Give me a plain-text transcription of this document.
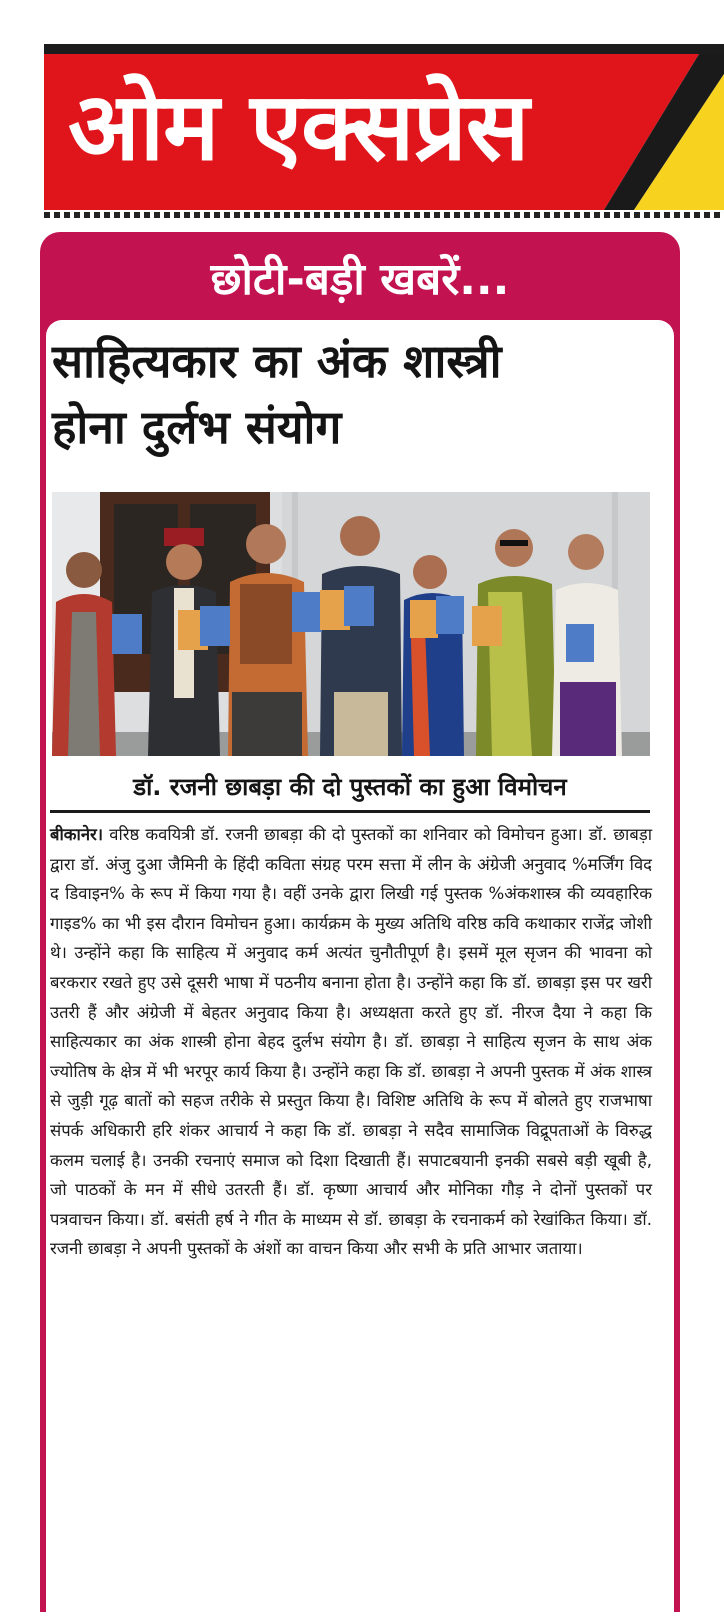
ओम एक्सप्रेस
छोटी-बड़ी खबरें...
साहित्यकार का अंक शास्त्री
होना दुर्लभ संयोग
डॉ. रजनी छाबड़ा की दो पुस्तकों का हुआ विमोचन

बीकानेर। वरिष्ठ कवयित्री डॉ. रजनी छाबड़ा की दो पुस्तकों का शनिवार को विमोचन हुआ। डॉ. छाबड़ा द्वारा डॉ. अंजु दुआ जैमिनी के हिंदी कविता संग्रह परम सत्ता में लीन के अंग्रेजी अनुवाद %मर्जिंग विद द डिवाइन% के रूप में किया गया है। वहीं उनके द्वारा लिखी गई पुस्तक %अंकशास्त्र की व्यवहारिक गाइड% का भी इस दौरान विमोचन हुआ। कार्यक्रम के मुख्य अतिथि वरिष्ठ कवि कथाकार राजेंद्र जोशी थे। उन्होंने कहा कि साहित्य में अनुवाद कर्म अत्यंत चुनौतीपूर्ण है। इसमें मूल सृजन की भावना को बरकरार रखते हुए उसे दूसरी भाषा में पठनीय बनाना होता है। उन्होंने कहा कि डॉ. छाबड़ा इस पर खरी उतरी हैं और अंग्रेजी में बेहतर अनुवाद किया है। अध्यक्षता करते हुए डॉ. नीरज दैया ने कहा कि साहित्यकार का अंक शास्त्री होना बेहद दुर्लभ संयोग है। डॉ. छाबड़ा ने साहित्य सृजन के साथ अंक ज्योतिष के क्षेत्र में भी भरपूर कार्य किया है। उन्होंने कहा कि डॉ. छाबड़ा ने अपनी पुस्तक में अंक शास्त्र से जुड़ी गूढ़ बातों को सहज तरीके से प्रस्तुत किया है। विशिष्ट अतिथि के रूप में बोलते हुए राजभाषा संपर्क अधिकारी हरि शंकर आचार्य ने कहा कि डॉ. छाबड़ा ने सदैव सामाजिक विद्रूपताओं के विरुद्ध कलम चलाई है। उनकी रचनाएं समाज को दिशा दिखाती हैं। सपाटबयानी इनकी सबसे बड़ी खूबी है, जो पाठकों के मन में सीधे उतरती हैं। डॉ. कृष्णा आचार्य और मोनिका गौड़ ने दोनों पुस्तकों पर पत्रवाचन किया। डॉ. बसंती हर्ष ने गीत के माध्यम से डॉ. छाबड़ा के रचनाकर्म को रेखांकित किया। डॉ. रजनी छाबड़ा ने अपनी पुस्तकों के अंशों का वाचन किया और सभी के प्रति आभार जताया।
